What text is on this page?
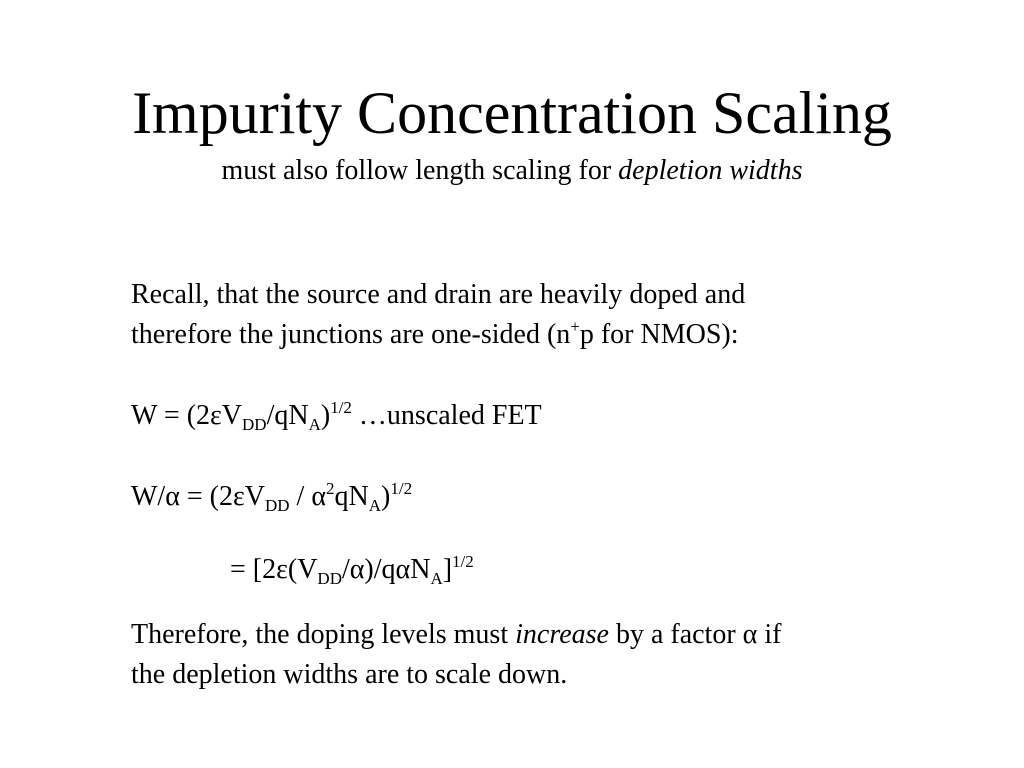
Impurity Concentration Scaling
must also follow length scaling for depletion widths
Recall, that the source and drain are heavily doped and
therefore the junctions are one-sided (n+p for NMOS):
$W = (2\varepsilon V_{DD}/qN_A)^{1/2}$ …unscaled FET
$W/\alpha = (2\varepsilon V_{DD} / \alpha^2qN_A)^{1/2}$
= $[2\varepsilon(V_{DD}/\alpha)/q\alpha N_A]^{1/2}$
Therefore, the doping levels must increase by a factor α if
the depletion widths are to scale down.
